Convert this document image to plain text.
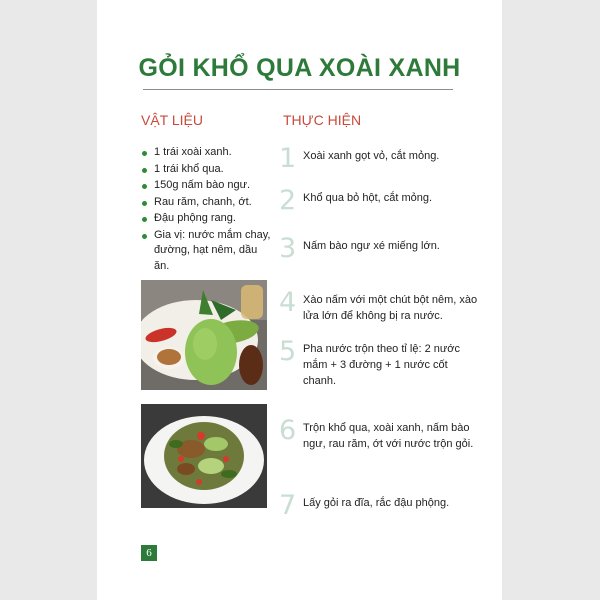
GỎI KHỔ QUA XOÀI XANH
VẬT LIỆU	THỰC HIỆN
1 trái xoài xanh.
1 trái khổ qua.
150g nấm bào ngư.
Rau răm, chanh, ớt.
Đậu phộng rang.
Gia vị: nước mắm chay, đường, hạt nêm, dầu ăn.
1 Xoài xanh gọt vỏ, cắt mỏng.
2 Khổ qua bỏ hột, cắt mỏng.
3 Nấm bào ngư xé miếng lớn.
4 Xào nấm với một chút bột nêm, xào lửa lớn để không bị ra nước.
5 Pha nước trộn theo tỉ lệ: 2 nước mắm + 3 đường + 1 nước cốt chanh.
6 Trộn khổ qua, xoài xanh, nấm bào ngư, rau răm, ớt với nước trộn gỏi.
7 Lấy gỏi ra đĩa, rắc đậu phộng.
6
